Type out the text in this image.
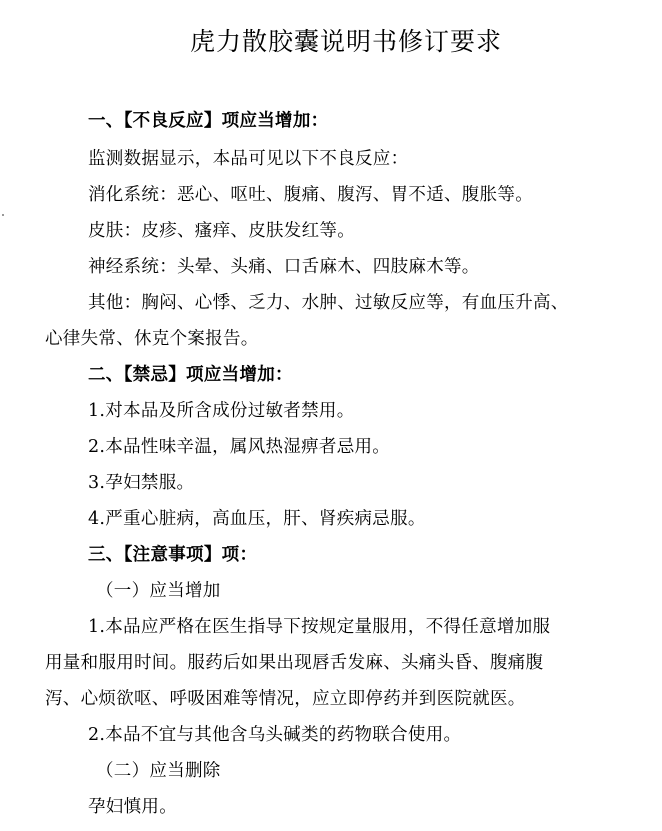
虎力散胶囊说明书修订要求
一、【不良反应】项应当增加：
监测数据显示，本品可见以下不良反应：
消化系统：恶心、呕吐、腹痛、腹泻、胃不适、腹胀等。
皮肤：皮疹、瘙痒、皮肤发红等。
神经系统：头晕、头痛、口舌麻木、四肢麻木等。
其他：胸闷、心悸、乏力、水肿、过敏反应等，有血压升高、
心律失常、休克个案报告。
二、【禁忌】项应当增加：
1.对本品及所含成份过敏者禁用。
2.本品性味辛温，属风热湿痹者忌用。
3.孕妇禁服。
4.严重心脏病，高血压，肝、肾疾病忌服。
三、【注意事项】项：
（一）应当增加
1.本品应严格在医生指导下按规定量服用，不得任意增加服
用量和服用时间。服药后如果出现唇舌发麻、头痛头昏、腹痛腹
泻、心烦欲呕、呼吸困难等情况，应立即停药并到医院就医。
2.本品不宜与其他含乌头碱类的药物联合使用。
（二）应当删除
孕妇慎用。
